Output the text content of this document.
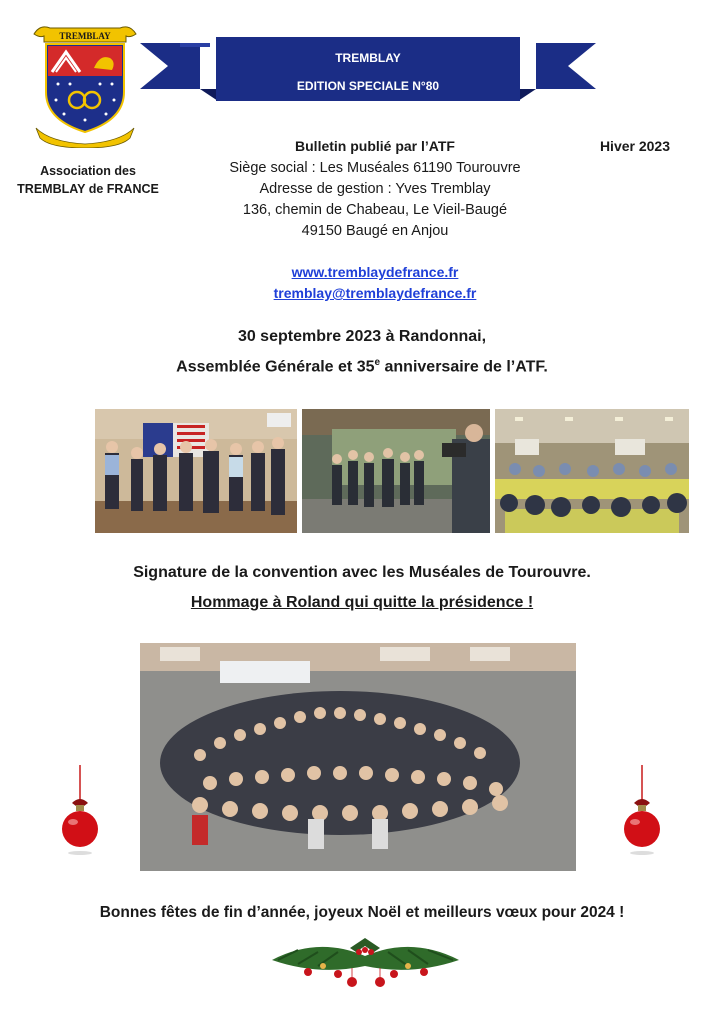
TREMBLAY
Association des
TREMBLAY de FRANCE
TREMBLAY
EDITION SPECIALE N°80
Bulletin publié par l’ATF	Hiver 2023
Siège social : Les Muséales 61190 Tourouvre
Adresse de gestion : Yves Tremblay
136, chemin de Chabeau, Le Vieil-Baugé
49150 Baugé en Anjou
www.tremblaydefrance.fr
tremblay@tremblaydefrance.fr
30 septembre 2023 à Randonnai,
Assemblée Générale et 35e anniversaire de l’ATF.
Signature de la convention avec les Muséales de Tourouvre.
Hommage à Roland qui quitte la présidence !
Bonnes fêtes de fin d’année, joyeux Noël et meilleurs vœux pour 2024 !
